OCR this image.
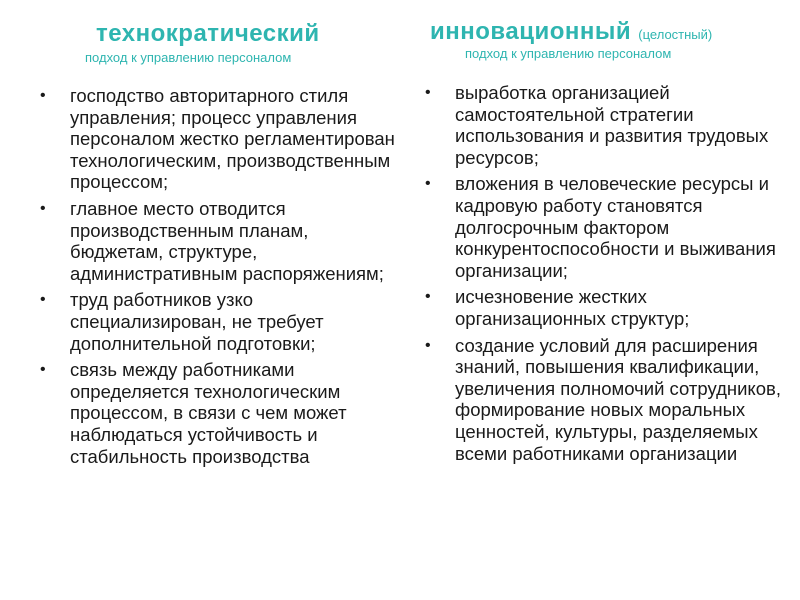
технократический
подход к управлению персоналом
• господство авторитарного стиля управления; процесс управления персоналом жестко регламентирован технологическим, производственным процессом;
• главное место отводится производственным планам, бюджетам, структуре, административным распоряжениям;
• труд работников узко специализирован, не требует дополнительной подготовки;
• связь между работниками определяется технологическим процессом, в связи с чем может наблюдаться устойчивость и стабильность производства
инновационный (целостный)
подход к управлению персоналом
• выработка организацией самостоятельной стратегии использования и развития трудовых ресурсов;
• вложения в человеческие ресурсы и кадровую работу становятся долгосрочным фактором конкурентоспособности и выживания организации;
• исчезновение жестких организационных структур;
• создание условий для расширения знаний, повышения квалификации, увеличения полномочий сотрудников, формирование новых моральных ценностей, культуры, разделяемых всеми работниками организации
